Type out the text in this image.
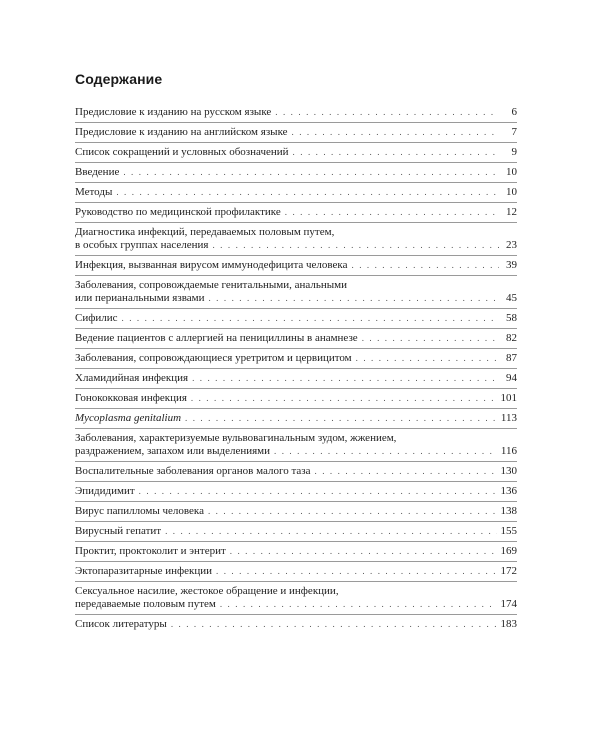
Содержание
Предисловие к изданию на русском языке . . .	6
Предисловие к изданию на английском языке . . .	7
Список сокращений и условных обозначений . . .	9
Введение . . .	10
Методы . . .	10
Руководство по медицинской профилактике . . .	12
Диагностика инфекций, передаваемых половым путем,
в особых группах населения . . .	23
Инфекция, вызванная вирусом иммунодефицита человека . . .	39
Заболевания, сопровождаемые генитальными, анальными
или перианальными язвами . . .	45
Сифилис . . .	58
Ведение пациентов с аллергией на пенициллины в анамнезе . . .	82
Заболевания, сопровождающиеся уретритом и цервицитом . . .	87
Хламидийная инфекция . . .	94
Гонококковая инфекция . . .	101
Mycoplasma genitalium . . .	113
Заболевания, характеризуемые вульвовагинальным зудом, жжением,
раздражением, запахом или выделениями . . .	116
Воспалительные заболевания органов малого таза . . .	130
Эпидидимит . . .	136
Вирус папилломы человека . . .	138
Вирусный гепатит . . .	155
Проктит, проктоколит и энтерит . . .	169
Эктопаразитарные инфекции . . .	172
Сексуальное насилие, жестокое обращение и инфекции,
передаваемые половым путем . . .	174
Список литературы . . .	183
